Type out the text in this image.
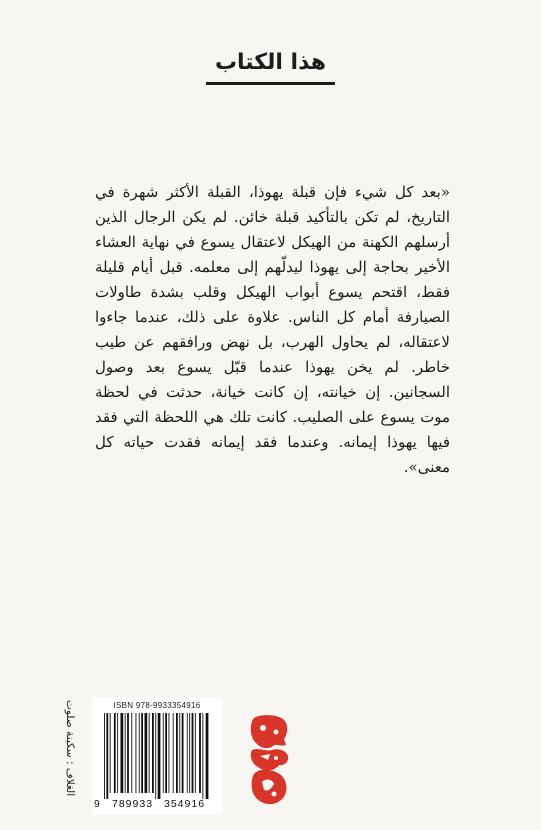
هذا الكتاب

«بعد كل شيء فإن قبلة يهوذا، القبلة الأكثر شهرة في التاريخ، لم تكن بالتأكيد قبلة خائن. لم يكن الرجال الذين أرسلهم الكهنة من الهيكل لاعتقال يسوع في نهاية العشاء الأخير بحاجة إلى يهوذا ليدلّهم إلى معلمه. قبل أيام قليلة فقط، اقتحم يسوع أبواب الهيكل وقلب بشدة طاولات الصيارفة أمام كل الناس. علاوة على ذلك، عندما جاءوا لاعتقاله، لم يحاول الهرب، بل نهض ورافقهم عن طيب خاطر. لم يخن يهوذا عندما قبّل يسوع بعد وصول السجانين. إن خيانته، إن كانت خيانة، حدثت في لحظة موت يسوع على الصليب. كانت تلك هي اللحظة التي فقد فيها يهوذا إيمانه. وعندما فقد إيمانه فقدت حياته كل معنى».

الغلاف : سكينة صلوت	ISBN 978-9933354916
9 789933 354916
